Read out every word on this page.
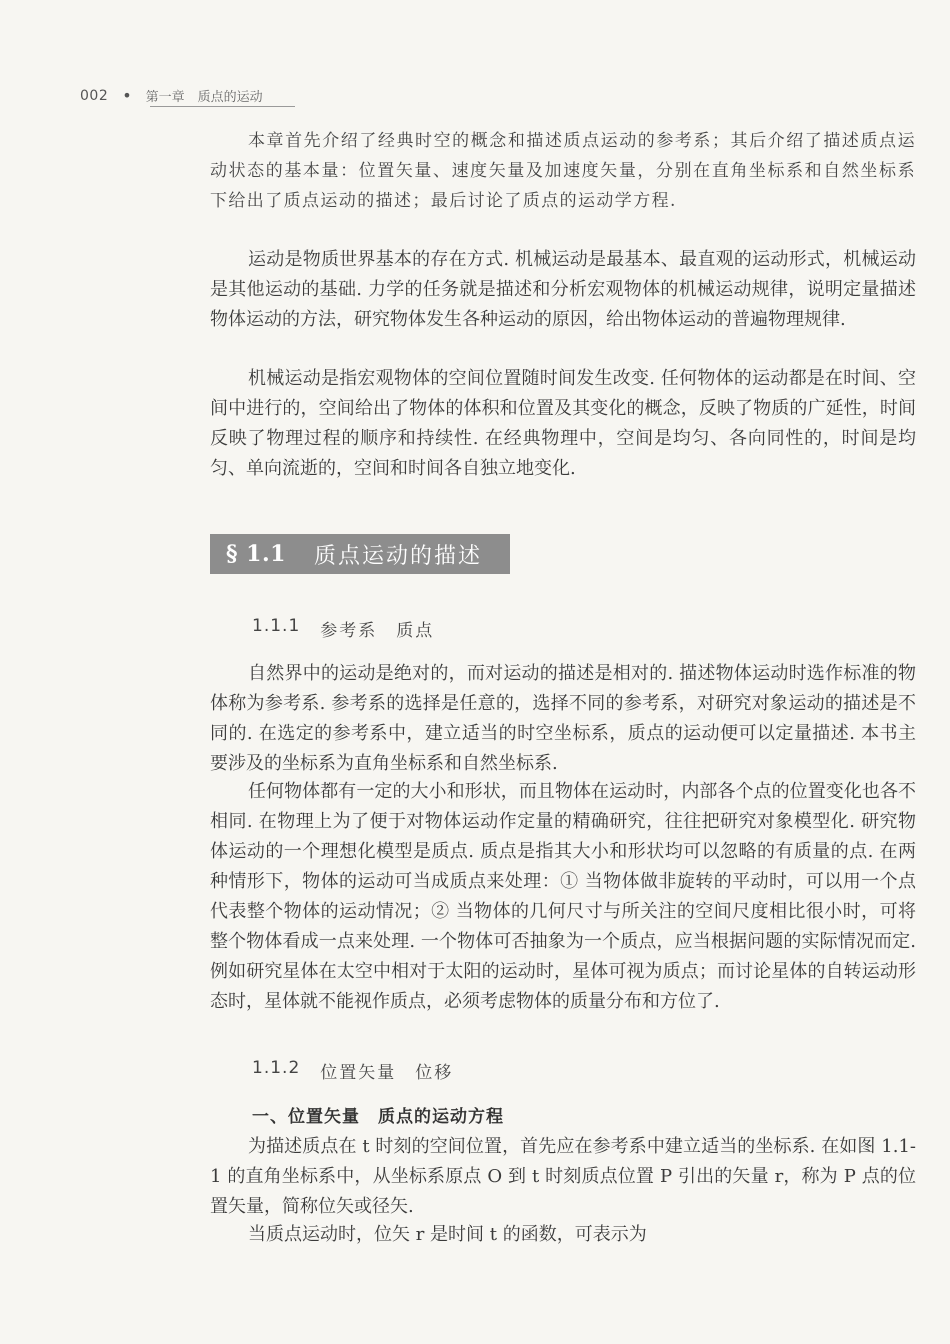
002 • 第一章　质点的运动

本章首先介绍了经典时空的概念和描述质点运动的参考系；其后介绍了描述质点运动状态的基本量：位置矢量、速度矢量及加速度矢量，分别在直角坐标系和自然坐标系下给出了质点运动的描述；最后讨论了质点的运动学方程.

运动是物质世界基本的存在方式. 机械运动是最基本、最直观的运动形式，机械运动是其他运动的基础. 力学的任务就是描述和分析宏观物体的机械运动规律，说明定量描述物体运动的方法，研究物体发生各种运动的原因，给出物体运动的普遍物理规律.

机械运动是指宏观物体的空间位置随时间发生改变. 任何物体的运动都是在时间、空间中进行的，空间给出了物体的体积和位置及其变化的概念，反映了物质的广延性，时间反映了物理过程的顺序和持续性. 在经典物理中，空间是均匀、各向同性的，时间是均匀、单向流逝的，空间和时间各自独立地变化.

§ 1.1 质点运动的描述
1.1.1 参考系　质点

自然界中的运动是绝对的，而对运动的描述是相对的. 描述物体运动时选作标准的物体称为参考系. 参考系的选择是任意的，选择不同的参考系，对研究对象运动的描述是不同的. 在选定的参考系中，建立适当的时空坐标系，质点的运动便可以定量描述. 本书主要涉及的坐标系为直角坐标系和自然坐标系.

任何物体都有一定的大小和形状，而且物体在运动时，内部各个点的位置变化也各不相同. 在物理上为了便于对物体运动作定量的精确研究，往往把研究对象模型化. 研究物体运动的一个理想化模型是质点. 质点是指其大小和形状均可以忽略的有质量的点. 在两种情形下，物体的运动可当成质点来处理：① 当物体做非旋转的平动时，可以用一个点代表整个物体的运动情况；② 当物体的几何尺寸与所关注的空间尺度相比很小时，可将整个物体看成一点来处理. 一个物体可否抽象为一个质点，应当根据问题的实际情况而定. 例如研究星体在太空中相对于太阳的运动时，星体可视为质点；而讨论星体的自转运动形态时，星体就不能视作质点，必须考虑物体的质量分布和方位了.

1.1.2 位置矢量　位移
一、位置矢量　质点的运动方程

为描述质点在 t 时刻的空间位置，首先应在参考系中建立适当的坐标系. 在如图 1.1-1 的直角坐标系中，从坐标系原点 O 到 t 时刻质点位置 P 引出的矢量 r，称为 P 点的位置矢量，简称位矢或径矢.

当质点运动时，位矢 r 是时间 t 的函数，可表示为
